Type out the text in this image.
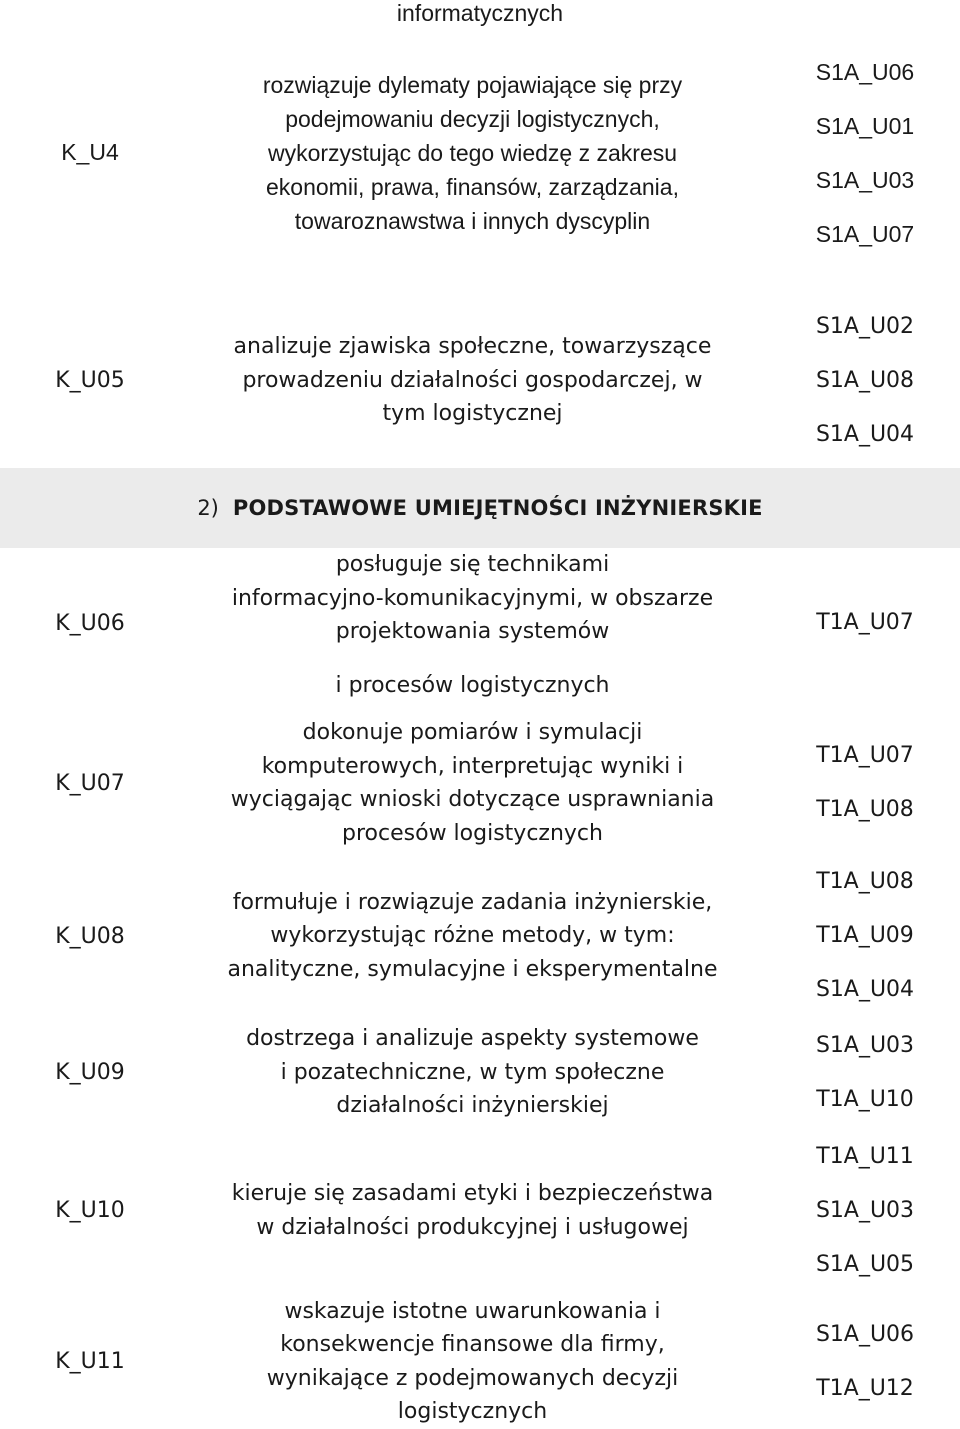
informatycznych
K_U4
rozwiązuje dylematy pojawiające się przy
podejmowaniu decyzji logistycznych,
wykorzystując do tego wiedzę z zakresu
ekonomii, prawa, finansów, zarządzania,
towaroznawstwa i innych dyscyplin
S1A_U06
S1A_U01
S1A_U03
S1A_U07
K_U05
analizuje zjawiska społeczne, towarzyszące
prowadzeniu działalności gospodarczej, w
tym logistycznej
S1A_U02
S1A_U08
S1A_U04
2) PODSTAWOWE UMIEJĘTNOŚCI INŻYNIERSKIE
K_U06
posługuje się technikami
informacyjno-komunikacyjnymi, w obszarze
projektowania systemów
i procesów logistycznych
T1A_U07
K_U07
dokonuje pomiarów i symulacji
komputerowych, interpretując wyniki i
wyciągając wnioski dotyczące usprawniania
procesów logistycznych
T1A_U07
T1A_U08
K_U08
formułuje i rozwiązuje zadania inżynierskie,
wykorzystując różne metody, w tym:
analityczne, symulacyjne i eksperymentalne
T1A_U08
T1A_U09
S1A_U04
K_U09
dostrzega i analizuje aspekty systemowe
i pozatechniczne, w tym społeczne
działalności inżynierskiej
S1A_U03
T1A_U10
K_U10
kieruje się zasadami etyki i bezpieczeństwa
w działalności produkcyjnej i usługowej
T1A_U11
S1A_U03
S1A_U05
K_U11
wskazuje istotne uwarunkowania i
konsekwencje finansowe dla firmy,
wynikające z podejmowanych decyzji
logistycznych
S1A_U06
T1A_U12
